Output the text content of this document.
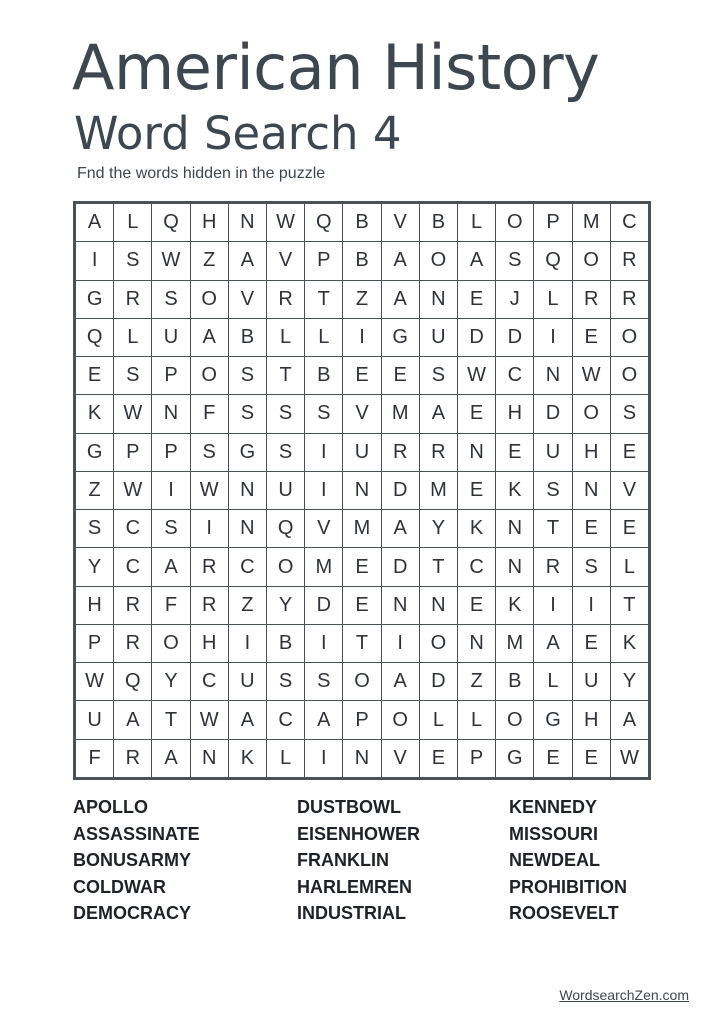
American History
Word Search 4
Fnd the words hidden in the puzzle
A	L	Q	H	N	W	Q	B	V	B	L	O	P	M	C
I	S	W	Z	A	V	P	B	A	O	A	S	Q	O	R
G	R	S	O	V	R	T	Z	A	N	E	J	L	R	R
Q	L	U	A	B	L	L	I	G	U	D	D	I	E	O
E	S	P	O	S	T	B	E	E	S	W	C	N	W	O
K	W	N	F	S	S	S	V	M	A	E	H	D	O	S
G	P	P	S	G	S	I	U	R	R	N	E	U	H	E
Z	W	I	W	N	U	I	N	D	M	E	K	S	N	V
S	C	S	I	N	Q	V	M	A	Y	K	N	T	E	E
Y	C	A	R	C	O	M	E	D	T	C	N	R	S	L
H	R	F	R	Z	Y	D	E	N	N	E	K	I	I	T
P	R	O	H	I	B	I	T	I	O	N	M	A	E	K
W	Q	Y	C	U	S	S	O	A	D	Z	B	L	U	Y
U	A	T	W	A	C	A	P	O	L	L	O	G	H	A
F	R	A	N	K	L	I	N	V	E	P	G	E	E	W
APOLLO
ASSASSINATE
BONUSARMY
COLDWAR
DEMOCRACY
DUSTBOWL
EISENHOWER
FRANKLIN
HARLEMREN
INDUSTRIAL
KENNEDY
MISSOURI
NEWDEAL
PROHIBITION
ROOSEVELT
WordsearchZen.com
